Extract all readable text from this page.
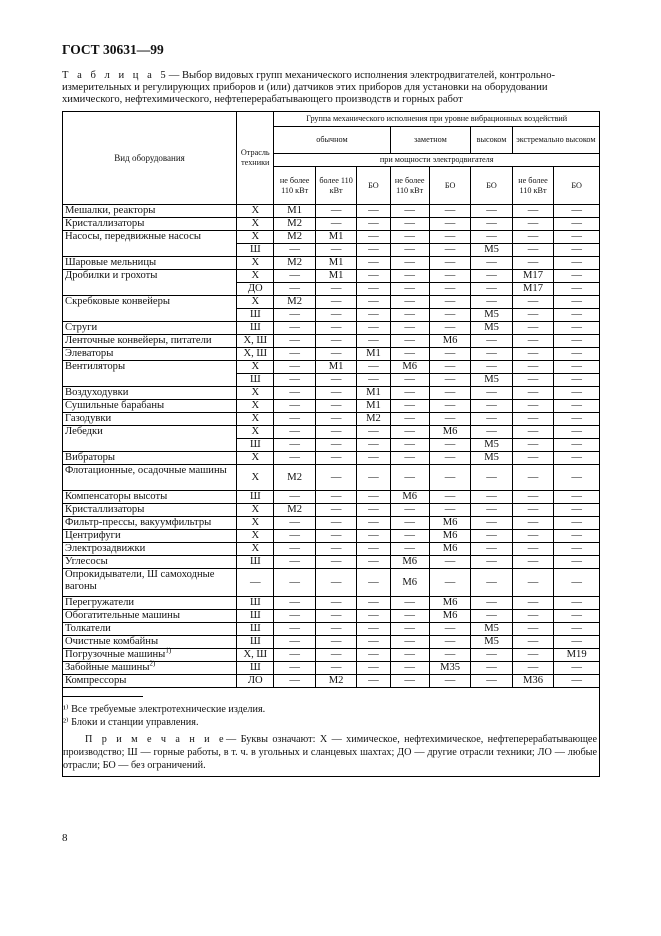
ГОСТ 30631—99
Т а б л и ц а 5— Выбор видовых групп механического исполнения электродвигателей, контрольно-измерительных и регулирующих приборов и (или) датчиков этих приборов для установки на оборудовании химического, нефтехимического, нефтеперерабатывающего производств и горных работ
Вид оборудования	Отрасль техники	Группа механического исполнения при уровне вибрационных воздействий							
		обычном			заметном		высоком	экстремально высоком	
		при мощности электродвигателя							
		не более 110 кВт	более 110 кВт	БО	не более 110 кВт	БО	БО	не более 110 кВт	БО
Мешалки, реакторы	Х	М1	—	—	—	—	—	—	—
Кристаллизаторы	Х	М2	—	—	—	—	—	—	—
Насосы, передвижные насосы	Х	М2	М1	—	—	—	—	—	—
	Ш	—	—	—	—	—	М5	—	—
Шаровые мельницы	Х	М2	М1	—	—	—	—	—	—
Дробилки и грохоты	Х	—	М1	—	—	—	—	М17	—
	ДО	—	—	—	—	—	—	М17	—
Скребковые конвейеры	Х	М2	—	—	—	—	—	—	—
	Ш	—	—	—	—	—	М5	—	—
Струги	Ш	—	—	—	—	—	М5	—	—
Ленточные конвейеры, питатели	Х, Ш	—	—	—	—	М6	—	—	—
Элеваторы	Х, Ш	—	—	М1	—	—	—	—	—
Вентиляторы	Х	—	М1	—	М6	—	—	—	—
	Ш	—	—	—	—	—	М5	—	—
Воздуходувки	Х	—	—	М1	—	—	—	—	—
Сушильные барабаны	Х	—	—	М1	—	—	—	—	—
Газодувки	Х	—	—	М2	—	—	—	—	—
Лебедки	Х	—	—	—	—	М6	—	—	—
	Ш	—	—	—	—	—	М5	—	—
Вибраторы	Х	—	—	—	—	—	М5	—	—
Флотационные, осадочные машины	Х	М2	—	—	—	—	—	—	—
Компенсаторы высоты	Ш	—	—	—	М6	—	—	—	—
Кристаллизаторы	Х	М2	—	—	—	—	—	—	—
Фильтр-прессы, вакуумфильтры	Х	—	—	—	—	М6	—	—	—
Центрифуги	Х	—	—	—	—	М6	—	—	—
Электрозадвижки	Х	—	—	—	—	М6	—	—	—
Углесосы	Ш	—	—	—	М6	—	—	—	—
Опрокидыватели, Ш самоходные вагоны	—	—	—	—	М6	—	—	—	—
Перегружатели	Ш	—	—	—	—	М6	—	—	—
Обогатительные машины	Ш	—	—	—	—	М6	—	—	—
Толкатели	Ш	—	—	—	—	—	М5	—	—
Очистные комбайны	Ш	—	—	—	—	—	М5	—	—
Погрузочные машины$^{1)}$	Х, Ш	—	—	—	—	—	—	—	М19
Забойные машины$^{2)}$	Ш	—	—	—	—	М35	—	—	—
Компрессоры	ЛО	—	М2	—	—	—	—	М36	—

¹⁾ Все требуемые электротехнические изделия.
²⁾ Блоки и станции управления.
П р и м е ч а н и е— Буквы означают: Х — химическое, нефтехимическое, нефтеперерабатывающее производство; Ш — горные работы, в т. ч. в угольных и сланцевых шахтах; ДО — другие отрасли техники; ЛО — любые отрасли; БО — без ограничений.									
8
